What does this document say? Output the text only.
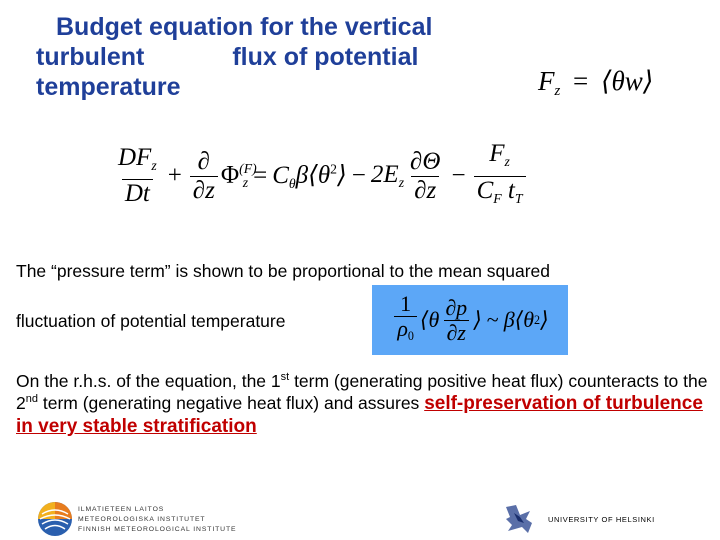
Budget equation for the vertical
turbulent	flux of potential
temperature	$F_z$ = ⟨θw⟩
$\frac{DF_z}{Dt} + \frac{\partial}{\partial z} \Phi^{(F)}_z$ = $C_\theta\beta⟨\theta^2⟩ - 2E_z \frac{\partial\Theta}{\partial z} - \frac{F_z}{C_F t_T}$
The “pressure term” is shown to be proportional to the mean squared
fluctuation of potential temperature	$\frac{1}{\rho_0}$ ⟨θ $\frac{\partial p}{\partial z}$ ⟩ ~ β⟨θ 2 ⟩
On the r.h.s. of the equation, the 1st term (generating positive heat flux) counteracts to the 2nd term (generating negative heat flux) and assures self-preservation of turbulence in very stable stratification
ILMATIETEEN LAITOS
METEOROLOGISKA INSTITUTET
FINNISH METEOROLOGICAL INSTITUTE
UNIVERSITY OF HELSINKI
